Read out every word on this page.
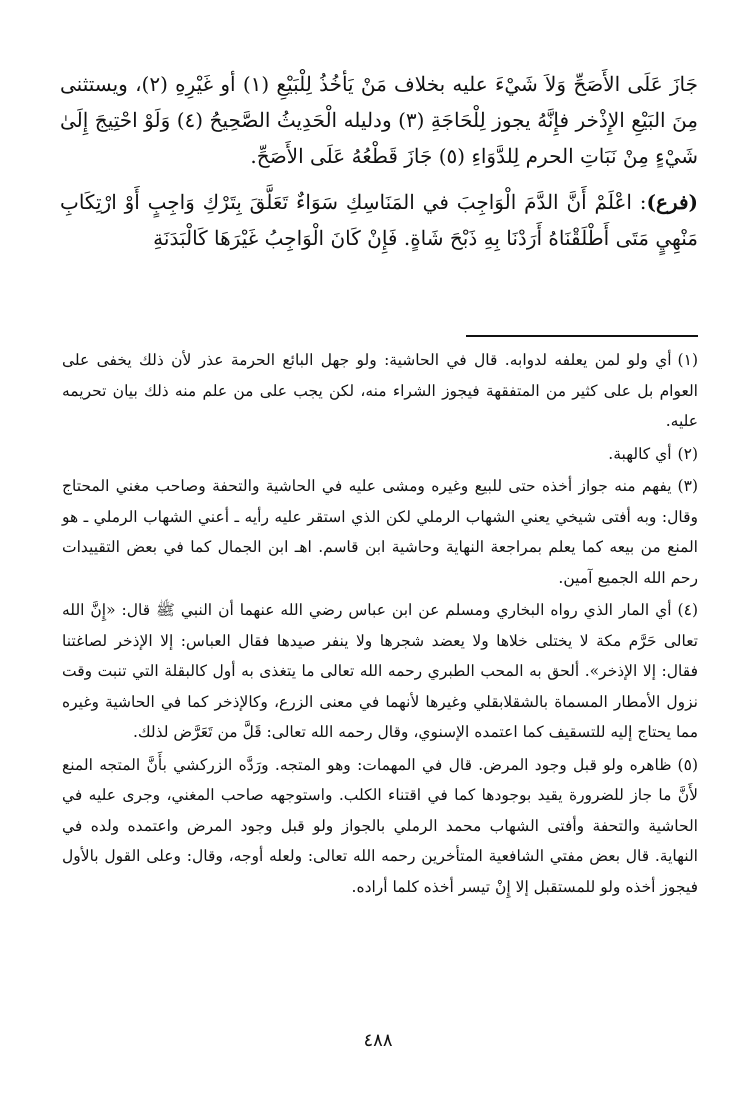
جَازَ عَلَى الأَصَحِّ وَلاَ شَيْءَ عليه بخلاف مَنْ يَأخُذُ لِلْبَيْعِ (١) أو غَيْرِهِ (٢)، ويستثنى مِنَ البَيْعِ الإِذْخر فإِنَّهُ يجوز لِلْحَاجَةِ (٣) ودليله الْحَدِيثُ الصَّحِيحُ (٤) وَلَوْ احْتِيجَ إِلَىٰ شَيْءٍ مِنْ نَبَاتِ الحرم لِلدَّوَاءِ (٥) جَازَ قَطْعُهُ عَلَى الأَصَحِّ.

(فرع): اعْلَمْ أَنَّ الدَّمَ الْوَاجِبَ في المَنَاسِكِ سَوَاءٌ تَعَلَّقَ بِتَرْكِ وَاجِبٍ أَوْ ارْتِكَابِ مَنْهِيٍ مَتَى أَطْلَقْنَاهُ أَرَدْنَا بِهِ ذَبْحَ شَاةٍ. فَإِنْ كَانَ الْوَاجِبُ غَيْرَهَا كَالْبَدَنَةِ

(١)أي ولو لمن يعلفه لدوابه. قال في الحاشية: ولو جهل البائع الحرمة عذر لأن ذلك يخفى على العوام بل على كثير من المتفقهة فيجوز الشراء منه، لكن يجب على من علم منه ذلك بيان تحريمه عليه.

(٢)أي كالهبة.

(٣)يفهم منه جواز أخذه حتى للبيع وغيره ومشى عليه في الحاشية والتحفة وصاحب مغني المحتاج وقال: وبه أفتى شيخي يعني الشهاب الرملي لكن الذي استقر عليه رأيه ـ أعني الشهاب الرملي ـ هو المنع من بيعه كما يعلم بمراجعة النهاية وحاشية ابن قاسم. اهـ ابن الجمال كما في بعض التقييدات رحم الله الجميع آمين.

(٤)أي المار الذي رواه البخاري ومسلم عن ابن عباس رضي الله عنهما أن النبي ﷺ قال: «إِنَّ الله تعالى حَرَّم مكة لا يختلى خلاها ولا يعضد شجرها ولا ينفر صيدها فقال العباس: إلا الإذخر لصاغتنا فقال: إلا الإذخر». ألحق به المحب الطبري رحمه الله تعالى ما يتغذى به أول كالبقلة التي تنبت وقت نزول الأمطار المسماة بالشقلابقلي وغيرها لأنهما في معنى الزرع، وكالإذخر كما في الحاشية وغيره مما يحتاج إليه للتسقيف كما اعتمده الإسنوي، وقال رحمه الله تعالى: قَلَّ من تَعَرَّض لذلك.

(٥)ظاهره ولو قبل وجود المرض. قال في المهمات: وهو المتجه. ورَدَّه الزركشي بأَنَّ المتجه المنع لأَنَّ ما جاز للضرورة يقيد بوجودها كما في اقتناء الكلب. واستوجهه صاحب المغني، وجرى عليه في الحاشية والتحفة وأفتى الشهاب محمد الرملي بالجواز ولو قبل وجود المرض واعتمده ولده في النهاية. قال بعض مفتي الشافعية المتأخرين رحمه الله تعالى: ولعله أوجه، وقال: وعلى القول بالأول فيجوز أخذه ولو للمستقبل إلا إِنْ تيسر أخذه كلما أراده.

٤٨٨
